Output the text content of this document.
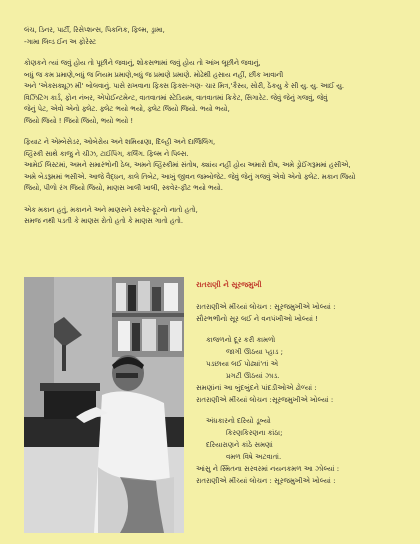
લંચ, ડિનર, પાર્ટી, રિસેપ્શન્સ, પિકનિક, ફિલ્મ, ડ્રામા,

-ગામા લિવ્ડ ઈન અ ફોરેસ્ટ

કોણકને ત્યાં જવું હોય તો પૂછીને જવાનું, શોકસભામાં જવું હોય તો આંખ લૂછીને જવાનું,

બધું જ કમ પ્રમાણે,બધું જ નિયમ પ્રમાણે,બધું જ પ્રમાણે પ્રમાણે. મોઢેથી હસાય નહીં, છીંક ખાવાની

અને 'એક્સક્યૂઝ મી' બોલવાનું. પાસે રાખવાના ફિક્સ ફિક્સ-ગણ- ચાર મિત્ર,'કૈસ્ય, સોરી, ઠેંકયુ કે સી યુ. યુ. આઈ યુ.

વિઝિટિંગ કાર્ડ, ફોન નંબર, એપોઈન્ટમેન્ટ, વાતવાતમાં સ્ટેડિયમ, વાતવાતમાં ક્રિકેટ, સિગારેટ. જેવું જેનું ગજવું, જેવું

જેનું પેટ, એવો એનો ફ્લેટ. ફ્લેટ ભયો ભયો, ફ્લેટ જિયો જિયો. ભયો ભયો,

જિયો જિયો ! જિયો જિયો, ભયો ભયો !

ફિયાટ ને એમ્બેસેડર, ઓબેરોય અને શમિયાણા, દિલ્હી અને દાર્જિલિંગ,

વ્હિસ્કી સાથે કાજુ ને ચીઝ, ટાઈપિંગ, કર્લિંગ. ફિલ્મ ને પિલ્સ.

આમેઈ લિસ્ટમાં, અમને સમારંભોની ઠેલ, અમને વ્હિસ્કીમાં સંતોષ, ક્યાંય નહીં હોય અમારો દોષ, અમે ડ્રોઈંગરૂમમાં હસીએ,

અમે બેડરૂમમાં ભસીએ. આજે વૈદ્ધન, કાલે તિબેટ, આખું જીવન જમ્બોજેટ. જેવું જેનું ગજવું એવો એનો ફ્લેટ. મકાન જિયો

જિયો, પીળો રંગ જિયો જિયો, માણસ ખાલી ખાલી, સ્કવેર-ફીટ ભયો ભયો.

એક મકાન હતું, મકાનને અને માણસને સ્કવેર-ફૂટનો નાતો હતો,

સમજ નથી પડતી કે માણસ રોતો હતો કે માણસ ગાતો હતો.

રાતરાણી ને સૂરજમુખી

રાતરાણીએ મીંચ્યાં લોચન : સૂરજમુખીએ ખોલ્યાં :

સૌરભભીનો સૂર લઈ ને વનપંખીઓ ખોલ્યાં !

કાજળનો દૂર કરી કામળો

જાગી ઊઠયા પ્હાડ ;

પડછાયા લઈ પોઢ્યાં'તાં એ

પ્રગટી ઊઠયાં ઝાડ.

સમણાંનાં આ બુંદબુંદને પાંદડીઓએ ઢોળ્યાં :

રાતરાણીએ મીંચ્યાં લોચન :સૂરજમુખીએ ખોલ્યાં :

અંધકારનો દરિયો ડૂબ્યો

કિરણકિરણના કાંઠા;

દરિયારાણને કાંઠે સમણાં

વમળ વિષે અટવાતાં.

આંસુ ને સ્મિતના સરવરમાં નયનકમળ આ ઝોલ્યાં :

રાતરાણીએ મીંચ્યાં લોચન : સૂરજમુખીએ ખોલ્યાં :
